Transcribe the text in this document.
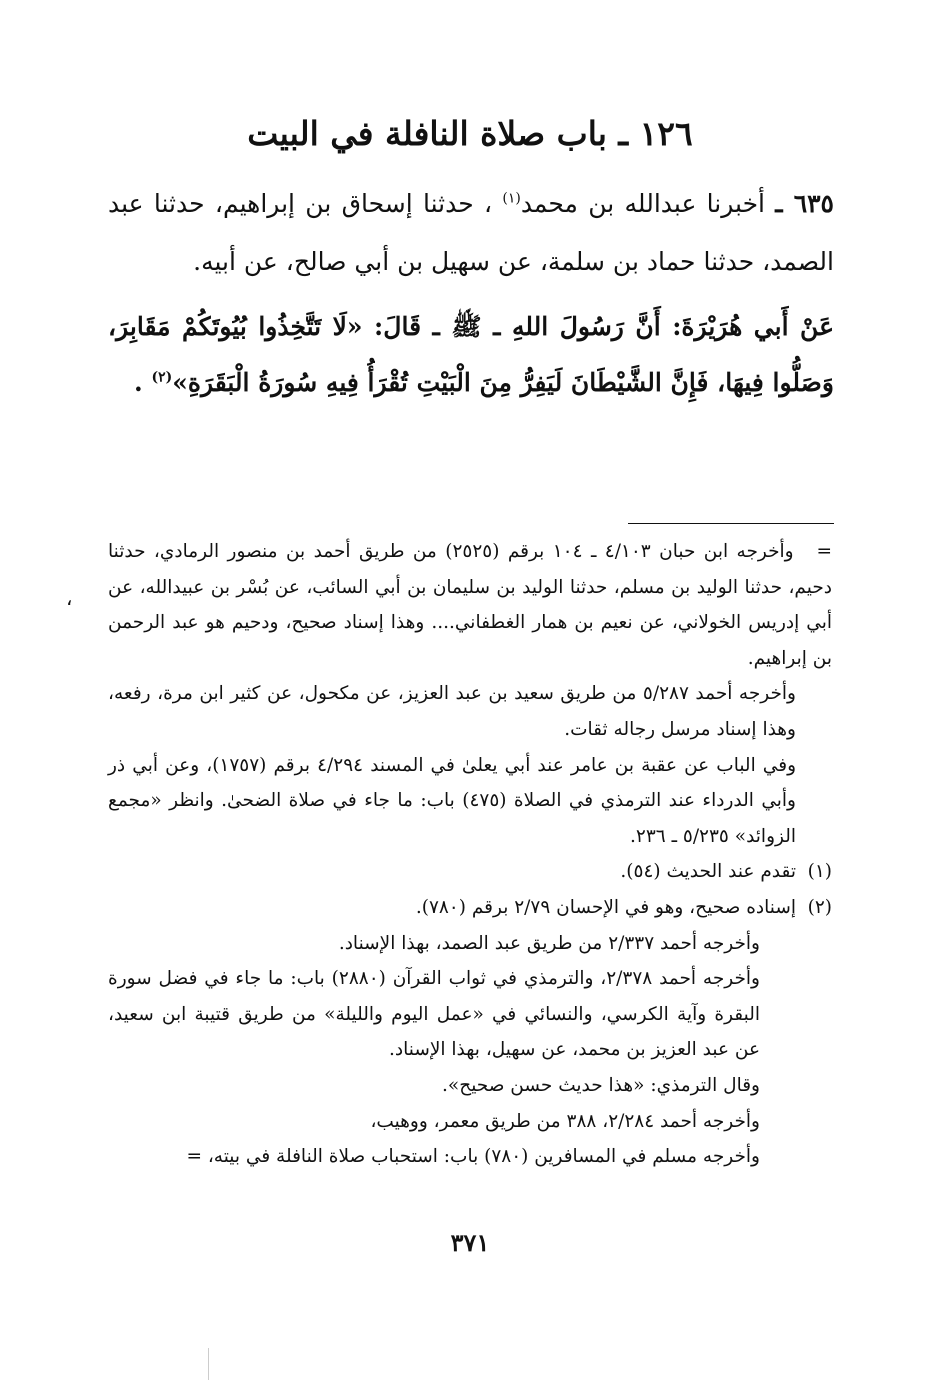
١٢٦ ـ باب صلاة النافلة في البيت

٦٣٥ ـ أخبرنا عبدالله بن محمد$^{(١)}$ ، حدثنا إسحاق بن إبراهيم، حدثنا عبد الصمد، حدثنا حماد بن سلمة، عن سهيل بن أبي صالح، عن أبيه.

عَنْ أَبي هُرَيْرَةَ: أَنَّ رَسُولَ اللهِ ـ ﷺ ـ قَالَ: «لَا تَتَّخِذُوا بُيُوتَكُمْ مَقَابِرَ، وَصَلُّوا فِيهَا، فَإِنَّ الشَّيْطَانَ لَيَفِرُّ مِنَ الْبَيْتِ تُقْرَأُ فِيهِ سُورَةُ الْبَقَرَةِ»$^{(٢)}$ .

= وأخرجه ابن حبان ٤/١٠٣ ـ ١٠٤ برقم (٢٥٢٥) من طريق أحمد بن منصور الرمادي، حدثنا دحيم، حدثنا الوليد بن مسلم، حدثنا الوليد بن سليمان بن أبي السائب، عن بُسْر بن عبيدالله، عن أبي إدريس الخولاني، عن نعيم بن همار الغطفاني.... وهذا إسناد صحيح، ودحيم هو عبد الرحمن بن إبراهيم.

وأخرجه أحمد ٥/٢٨٧ من طريق سعيد بن عبد العزيز، عن مكحول، عن كثير ابن مرة، رفعه، وهذا إسناد مرسل رجاله ثقات.

وفي الباب عن عقبة بن عامر عند أبي يعلىٰ في المسند ٤/٢٩٤ برقم (١٧٥٧)، وعن أبي ذر وأبي الدرداء عند الترمذي في الصلاة (٤٧٥) باب: ما جاء في صلاة الضحىٰ. وانظر «مجمع الزوائد» ٥/٢٣٥ ـ ٢٣٦.

(١)
تقدم عند الحديث (٥٤).
(٢)

إسناده صحيح، وهو في الإحسان ٢/٧٩ برقم (٧٨٠).

وأخرجه أحمد ٢/٣٣٧ من طريق عبد الصمد، بهذا الإسناد.

وأخرجه أحمد ٢/٣٧٨، والترمذي في ثواب القرآن (٢٨٨٠) باب: ما جاء في فضل سورة البقرة وآية الكرسي، والنسائي في «عمل اليوم والليلة» من طريق قتيبة ابن سعيد، عن عبد العزيز بن محمد، عن سهيل، بهذا الإسناد.

وقال الترمذي: «هذا حديث حسن صحيح».

وأخرجه أحمد ٢/٢٨٤، ٣٨٨ من طريق معمر، ووهيب،

وأخرجه مسلم في المسافرين (٧٨٠) باب: استحباب صلاة النافلة في بيته، =

،
٣٧١
